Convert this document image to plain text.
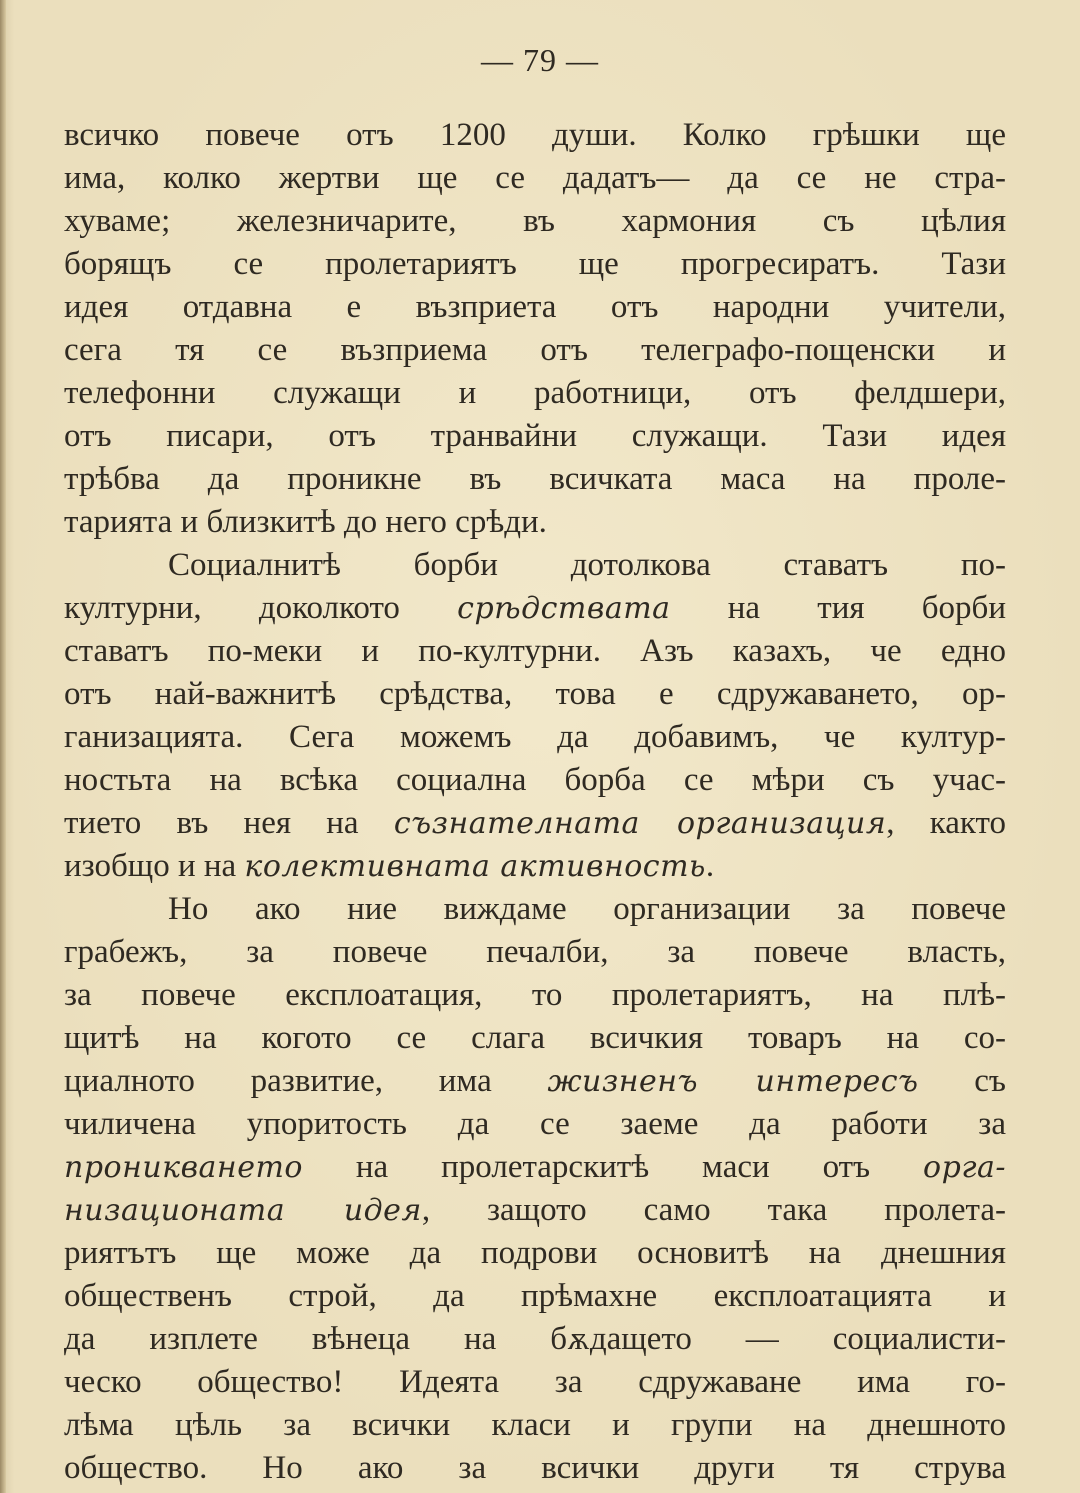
— 79 —
всичко повече отъ 1200 души. Колко грѣшки ще
има, колко жертви ще се дадатъ— да се не стра-
хуваме; железничарите, въ хармония съ цѣлия
борящъ се пролетариятъ ще прогресиратъ. Тази
идея отдавна е възприета отъ народни учители,
сега тя се възприема отъ телеграфо-пощенски и
телефонни служащи и работници, отъ фелдшери,
отъ писари, отъ транвайни служащи. Тази идея
трѣбва да проникне въ всичката маса на проле-
тарията и близкитѣ до него срѣди.
Социалнитѣ борби дотолкова ставатъ по-
културни, доколкото срѣдствата на тия борби
ставатъ по-меки и по-културни. Азъ казахъ, че едно
отъ най-важнитѣ срѣдства, това е сдружаването, ор-
ганизацията. Сега можемъ да добавимъ, че култур-
ностьта на всѣка социална борба се мѣри съ учас-
тието въ нея на съзнателната организация, както
изобщо и на колективната активность.
Но ако ние виждаме организации за повече
грабежъ, за повече печалби, за повече власть,
за повече експлоатация, то пролетариятъ, на плѣ-
щитѣ на когото се слага всичкия товаръ на со-
циалното развитие, има жизненъ интересъ съ
чиличена упоритость да се заеме да работи за
проникването на пролетарскитѣ маси отъ орга-
низационата идея, защото само така пролета-
риятътъ ще може да подрови основитѣ на днешния
общественъ строй, да прѣмахне експлоатацията и
да изплете вѣнеца на бѫдащето — социалисти-
ческо общество! Идеята за сдружаване има го-
лѣма цѣль за всички класи и групи на днешното
общество. Но ако за всички други тя струва
